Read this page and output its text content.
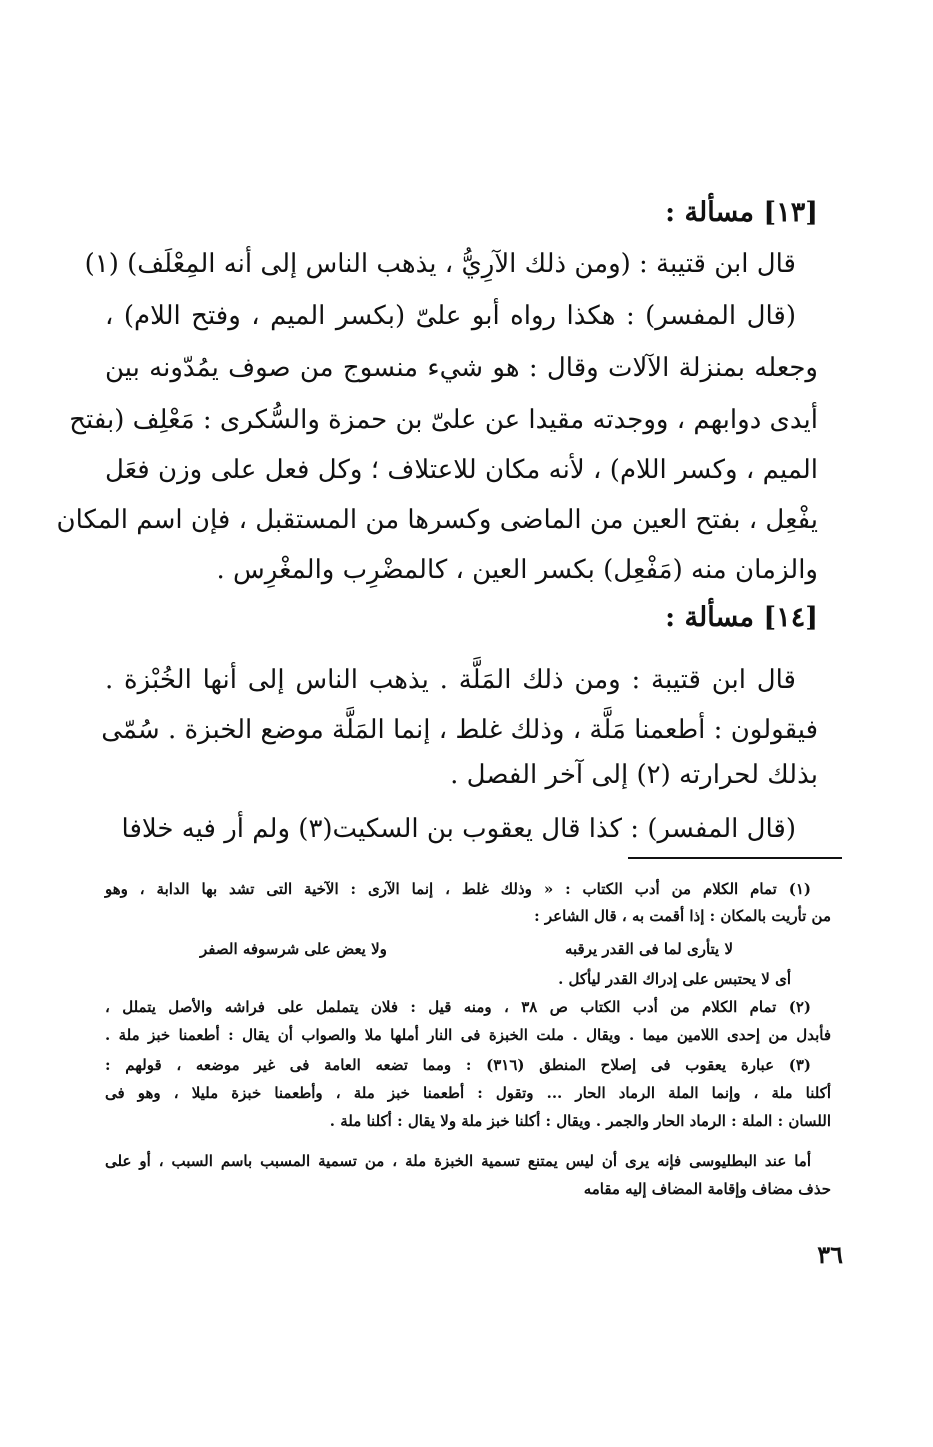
[١٣] مسألة :
قال ابن قتيبة : (ومن ذلك الآرِيُّ ، يذهب الناس إلى أنه المِعْلَف) (١)
(قال المفسر) : هكذا رواه أبو علىّ (بكسر الميم ، وفتح اللام) ،
وجعله بمنزلة الآلات وقال : هو شيء منسوج من صوف يمُدّونه بين
أيدى دوابهم ، ووجدته مقيدا عن علىّ بن حمزة والسُّكرى : مَعْلِف (بفتح
الميم ، وكسر اللام) ، لأنه مكان للاعتلاف ؛ وكل فعل على وزن فعَل
يفْعِل ، بفتح العين من الماضى وكسرها من المستقبل ، فإن اسم المكان
والزمان منه (مَفْعِل) بكسر العين ، كالمضْرِب والمغْرِس .
[١٤] مسألة :
قال ابن قتيبة : ومن ذلك المَلَّة . يذهب الناس إلى أنها الخُبْزة .
فيقولون : أطعمنا مَلَّة ، وذلك غلط ، إنما المَلَّة موضع الخبزة . سُمّى
بذلك لحرارته (٢) إلى آخر الفصل .
(قال المفسر) : كذا قال يعقوب بن السكيت(٣) ولم أر فيه خلافا
(١) تمام الكلام من أدب الكتاب : « وذلك غلط ، إنما الآرى : الآخية التى تشد بها الدابة ، وهو
من تأريت بالمكان : إذا أقمت به ، قال الشاعر :
لا يتأرى لما فى القدر يرقبه
ولا يعض على شرسوفه الصفر
أى لا يحتبس على إدراك القدر ليأكل .
(٢) تمام الكلام من أدب الكتاب ص ٣٨ ، ومنه قيل : فلان يتململ على فراشه والأصل يتملل ،
فأبدل من إحدى اللامين ميما . ويقال . ملت الخبزة فى النار أملها ملا والصواب أن يقال : أطعمنا خبز ملة .
(٣) عبارة يعقوب فى إصلاح المنطق (٣١٦) : ومما تضعه العامة فى غير موضعه ، قولهم :
أكلنا ملة ، وإنما الملة الرماد الحار ... وتقول : أطعمنا خبز ملة ، وأطعمنا خبزة مليلا ، وهو فى
اللسان : الملة : الرماد الحار والجمر . ويقال : أكلنا خبز ملة ولا يقال : أكلنا ملة .
أما عند البطليوسى فإنه يرى أن ليس يمتنع تسمية الخبزة ملة ، من تسمية المسبب باسم السبب ، أو على
حذف مضاف وإقامة المضاف إليه مقامه
٣٦
